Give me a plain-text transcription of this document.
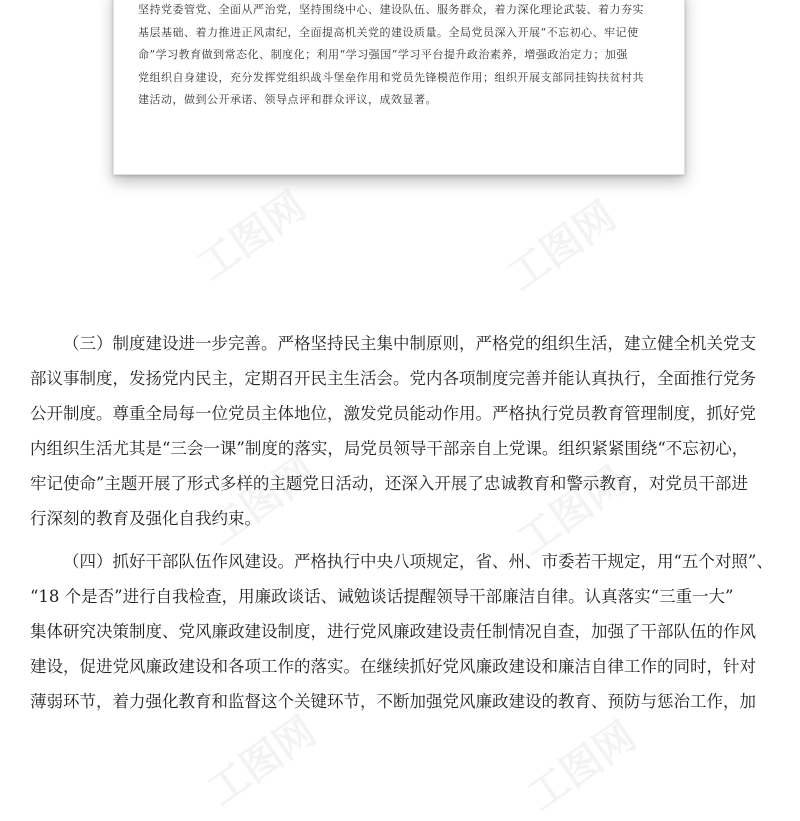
坚持党委管党、全面从严治党，坚持围绕中心、建设队伍、服务群众，着力深化理论武装、着力夯实
基层基础、着力推进正风肃纪，全面提高机关党的建设质量。全局党员深入开展“不忘初心、牢记使
命”学习教育做到常态化、制度化；利用“学习强国”学习平台提升政治素养，增强政治定力；加强
党组织自身建设，充分发挥党组织战斗堡垒作用和党员先锋模范作用；组织开展支部同挂钩扶贫村共
建活动，做到公开承诺、领导点评和群众评议，成效显著。

工图网	工图网
工图网	工图网
工图网	工图网

（三）制度建设进一步完善。严格坚持民主集中制原则，严格党的组织生活，建立健全机关党支
部议事制度，发扬党内民主，定期召开民主生活会。党内各项制度完善并能认真执行，全面推行党务
公开制度。尊重全局每一位党员主体地位，激发党员能动作用。严格执行党员教育管理制度，抓好党
内组织生活尤其是“三会一课”制度的落实，局党员领导干部亲自上党课。组织紧紧围绕“不忘初心，
牢记使命”主题开展了形式多样的主题党日活动，还深入开展了忠诚教育和警示教育，对党员干部进
行深刻的教育及强化自我约束。

（四）抓好干部队伍作风建设。严格执行中央八项规定，省、州、市委若干规定，用“五个对照”、
“18 个是否”进行自我检查，用廉政谈话、诫勉谈话提醒领导干部廉洁自律。认真落实“三重一大”
集体研究决策制度、党风廉政建设制度，进行党风廉政建设责任制情况自查，加强了干部队伍的作风
建设，促进党风廉政建设和各项工作的落实。在继续抓好党风廉政建设和廉洁自律工作的同时，针对
薄弱环节，着力强化教育和监督这个关键环节，不断加强党风廉政建设的教育、预防与惩治工作，加
